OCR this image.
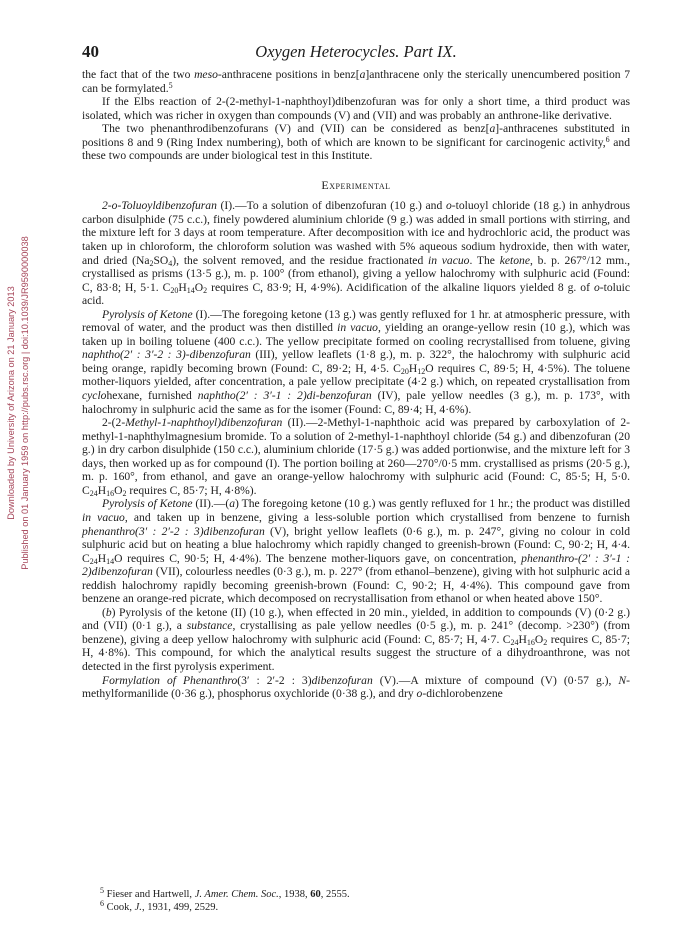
40	Oxygen Heterocycles. Part IX.
Downloaded by University of Arizona on 21 January 2013 Published on 01 January 1959 on http://pubs.rsc.org | doi:10.1039/JR9590000038

the fact that of the two meso-anthracene positions in benz[a]anthracene only the sterically unencumbered position 7 can be formylated.$^5$

If the Elbs reaction of 2-(2-methyl-1-naphthoyl)dibenzofuran was for only a short time, a third product was isolated, which was richer in oxygen than compounds (V) and (VII) and was probably an anthrone-like derivative.

The two phenanthrodibenzofurans (V) and (VII) can be considered as benz[a]-anthracenes substituted in positions 8 and 9 (Ring Index numbering), both of which are known to be significant for carcinogenic activity,$^6$ and these two compounds are under biological test in this Institute.

Experimental

2-o-Toluoyldibenzofuran (I).—To a solution of dibenzofuran (10 g.) and o-toluoyl chloride (18 g.) in anhydrous carbon disulphide (75 c.c.), finely powdered aluminium chloride (9 g.) was added in small portions with stirring, and the mixture left for 3 days at room temperature. After decomposition with ice and hydrochloric acid, the product was taken up in chloroform, the chloroform solution was washed with 5% aqueous sodium hydroxide, then with water, and dried $(Na_2SO_4)$, the solvent removed, and the residue fractionated in vacuo. The ketone, b. p. 267°/12 mm., crystallised as prisms (13·5 g.), m. p. 100° (from ethanol), giving a yellow halochromy with sulphuric acid (Found: C, 83·8; H, 5·1. $C_{20}H_{14}O_2$ requires C, 83·9; H, 4·9%). Acidification of the alkaline liquors yielded 8 g. of o-toluic acid.

Pyrolysis of Ketone (I).—The foregoing ketone (13 g.) was gently refluxed for 1 hr. at atmospheric pressure, with removal of water, and the product was then distilled in vacuo, yielding an orange-yellow resin (10 g.), which was taken up in boiling toluene (400 c.c.). The yellow precipitate formed on cooling recrystallised from toluene, giving naphtho(2′ : 3′-2 : 3)-dibenzofuran (III), yellow leaflets (1·8 g.), m. p. 322°, the halochromy with sulphuric acid being orange, rapidly becoming brown (Found: C, 89·2; H, 4·5. $C_{20}H_{12}O$ requires C, 89·5; H, 4·5%). The toluene mother-liquors yielded, after concentration, a pale yellow precipitate (4·2 g.) which, on repeated crystallisation from cyclohexane, furnished naphtho(2′ : 3′-1 : 2)di-benzofuran (IV), pale yellow needles (3 g.), m. p. 173°, with halochromy in sulphuric acid the same as for the isomer (Found: C, 89·4; H, 4·6%).

2-(2-Methyl-1-naphthoyl)dibenzofuran (II).—2-Methyl-1-naphthoic acid was prepared by carboxylation of 2-methyl-1-naphthylmagnesium bromide. To a solution of 2-methyl-1-naphthoyl chloride (54 g.) and dibenzofuran (20 g.) in dry carbon disulphide (150 c.c.), aluminium chloride (17·5 g.) was added portionwise, and the mixture left for 3 days, then worked up as for compound (I). The portion boiling at 260—270°/0·5 mm. crystallised as prisms (20·5 g.), m. p. 160°, from ethanol, and gave an orange-yellow halochromy with sulphuric acid (Found: C, 85·5; H, 5·0. $C_{24}H_{16}O_2$ requires C, 85·7; H, 4·8%).

Pyrolysis of Ketone (II).—(a) The foregoing ketone (10 g.) was gently refluxed for 1 hr.; the product was distilled in vacuo, and taken up in benzene, giving a less-soluble portion which crystallised from benzene to furnish phenanthro(3′ : 2′-2 : 3)dibenzofuran (V), bright yellow leaflets (0·6 g.), m. p. 247°, giving no colour in cold sulphuric acid but on heating a blue halochromy which rapidly changed to greenish-brown (Found: C, 90·2; H, 4·4. $C_{24}H_{14}O$ requires C, 90·5; H, 4·4%). The benzene mother-liquors gave, on concentration, phenanthro-(2′ : 3′-1 : 2)dibenzofuran (VII), colourless needles (0·3 g.), m. p. 227° (from ethanol–benzene), giving with hot sulphuric acid a reddish halochromy rapidly becoming greenish-brown (Found: C, 90·2; H, 4·4%). This compound gave from benzene an orange-red picrate, which decomposed on recrystallisation from ethanol or when heated above 150°.

(b) Pyrolysis of the ketone (II) (10 g.), when effected in 20 min., yielded, in addition to compounds (V) (0·2 g.) and (VII) (0·1 g.), a substance, crystallising as pale yellow needles (0·5 g.), m. p. 241° (decomp. >230°) (from benzene), giving a deep yellow halochromy with sulphuric acid (Found: C, 85·7; H, 4·7. $C_{24}H_{16}O_2$ requires C, 85·7; H, 4·8%). This compound, for which the analytical results suggest the structure of a dihydroanthrone, was not detected in the first pyrolysis experiment.

Formylation of Phenanthro(3′ : 2′-2 : 3)dibenzofuran (V).—A mixture of compound (V) (0·57 g.), N-methylformanilide (0·36 g.), phosphorus oxychloride (0·38 g.), and dry o-dichlorobenzene

$^5$ Fieser and Hartwell, J. Amer. Chem. Soc., 1938, 60, 2555.
$^6$ Cook, J., 1931, 499, 2529.
